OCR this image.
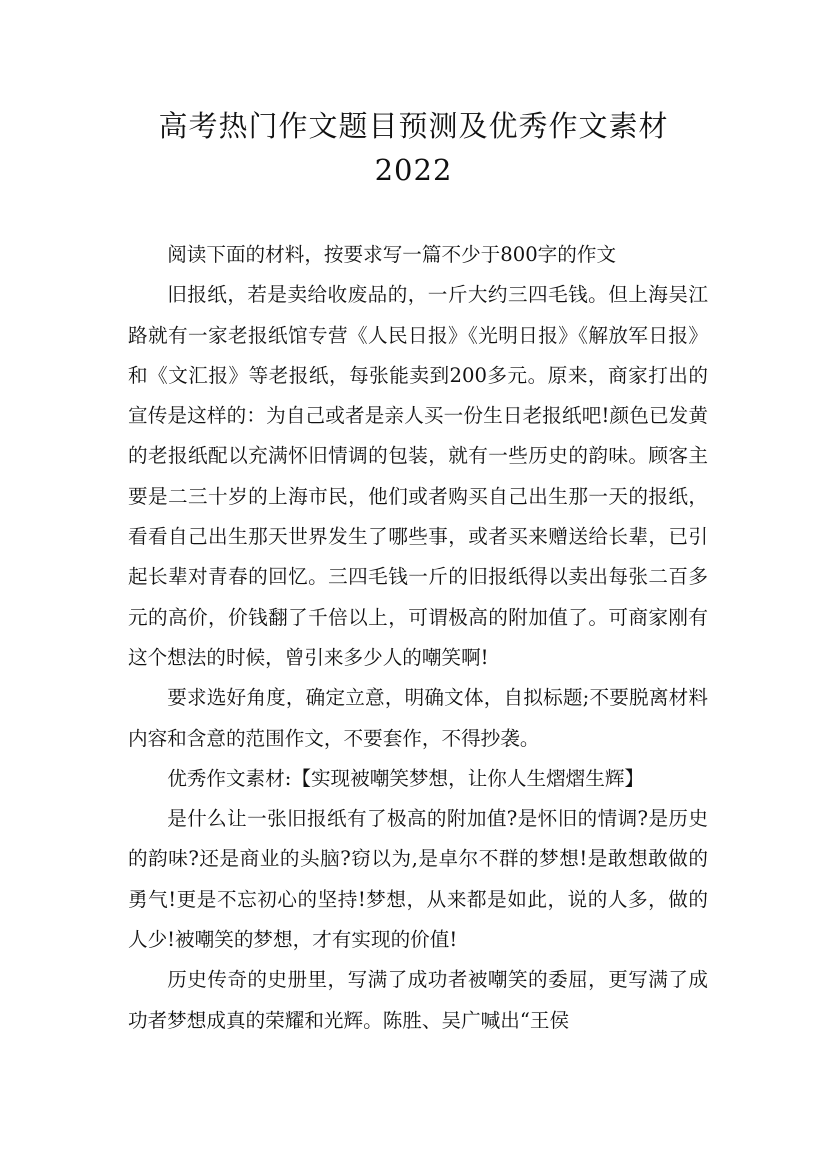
高考热门作文题目预测及优秀作文素材
2022

阅读下面的材料，按要求写一篇不少于800字的作文

旧报纸，若是卖给收废品的，一斤大约三四毛钱。但上海吴江路就有一家老报纸馆专营《人民日报》《光明日报》《解放军日报》和《文汇报》等老报纸，每张能卖到200多元。原来，商家打出的宣传是这样的：为自己或者是亲人买一份生日老报纸吧!颜色已发黄的老报纸配以充满怀旧情调的包装，就有一些历史的韵味。顾客主要是二三十岁的上海市民，他们或者购买自己出生那一天的报纸，看看自己出生那天世界发生了哪些事，或者买来赠送给长辈，已引起长辈对青春的回忆。三四毛钱一斤的旧报纸得以卖出每张二百多元的高价，价钱翻了千倍以上，可谓极高的附加值了。可商家刚有这个想法的时候，曾引来多少人的嘲笑啊!

要求选好角度，确定立意，明确文体，自拟标题;不要脱离材料内容和含意的范围作文，不要套作，不得抄袭。

优秀作文素材:【实现被嘲笑梦想，让你人生熠熠生辉】

是什么让一张旧报纸有了极高的附加值?是怀旧的情调?是历史的韵味?还是商业的头脑?窃以为,是卓尔不群的梦想!是敢想敢做的勇气!更是不忘初心的坚持!梦想，从来都是如此，说的人多，做的人少!被嘲笑的梦想，才有实现的价值!

历史传奇的史册里，写满了成功者被嘲笑的委屈，更写满了成功者梦想成真的荣耀和光辉。陈胜、吴广喊出“王侯
